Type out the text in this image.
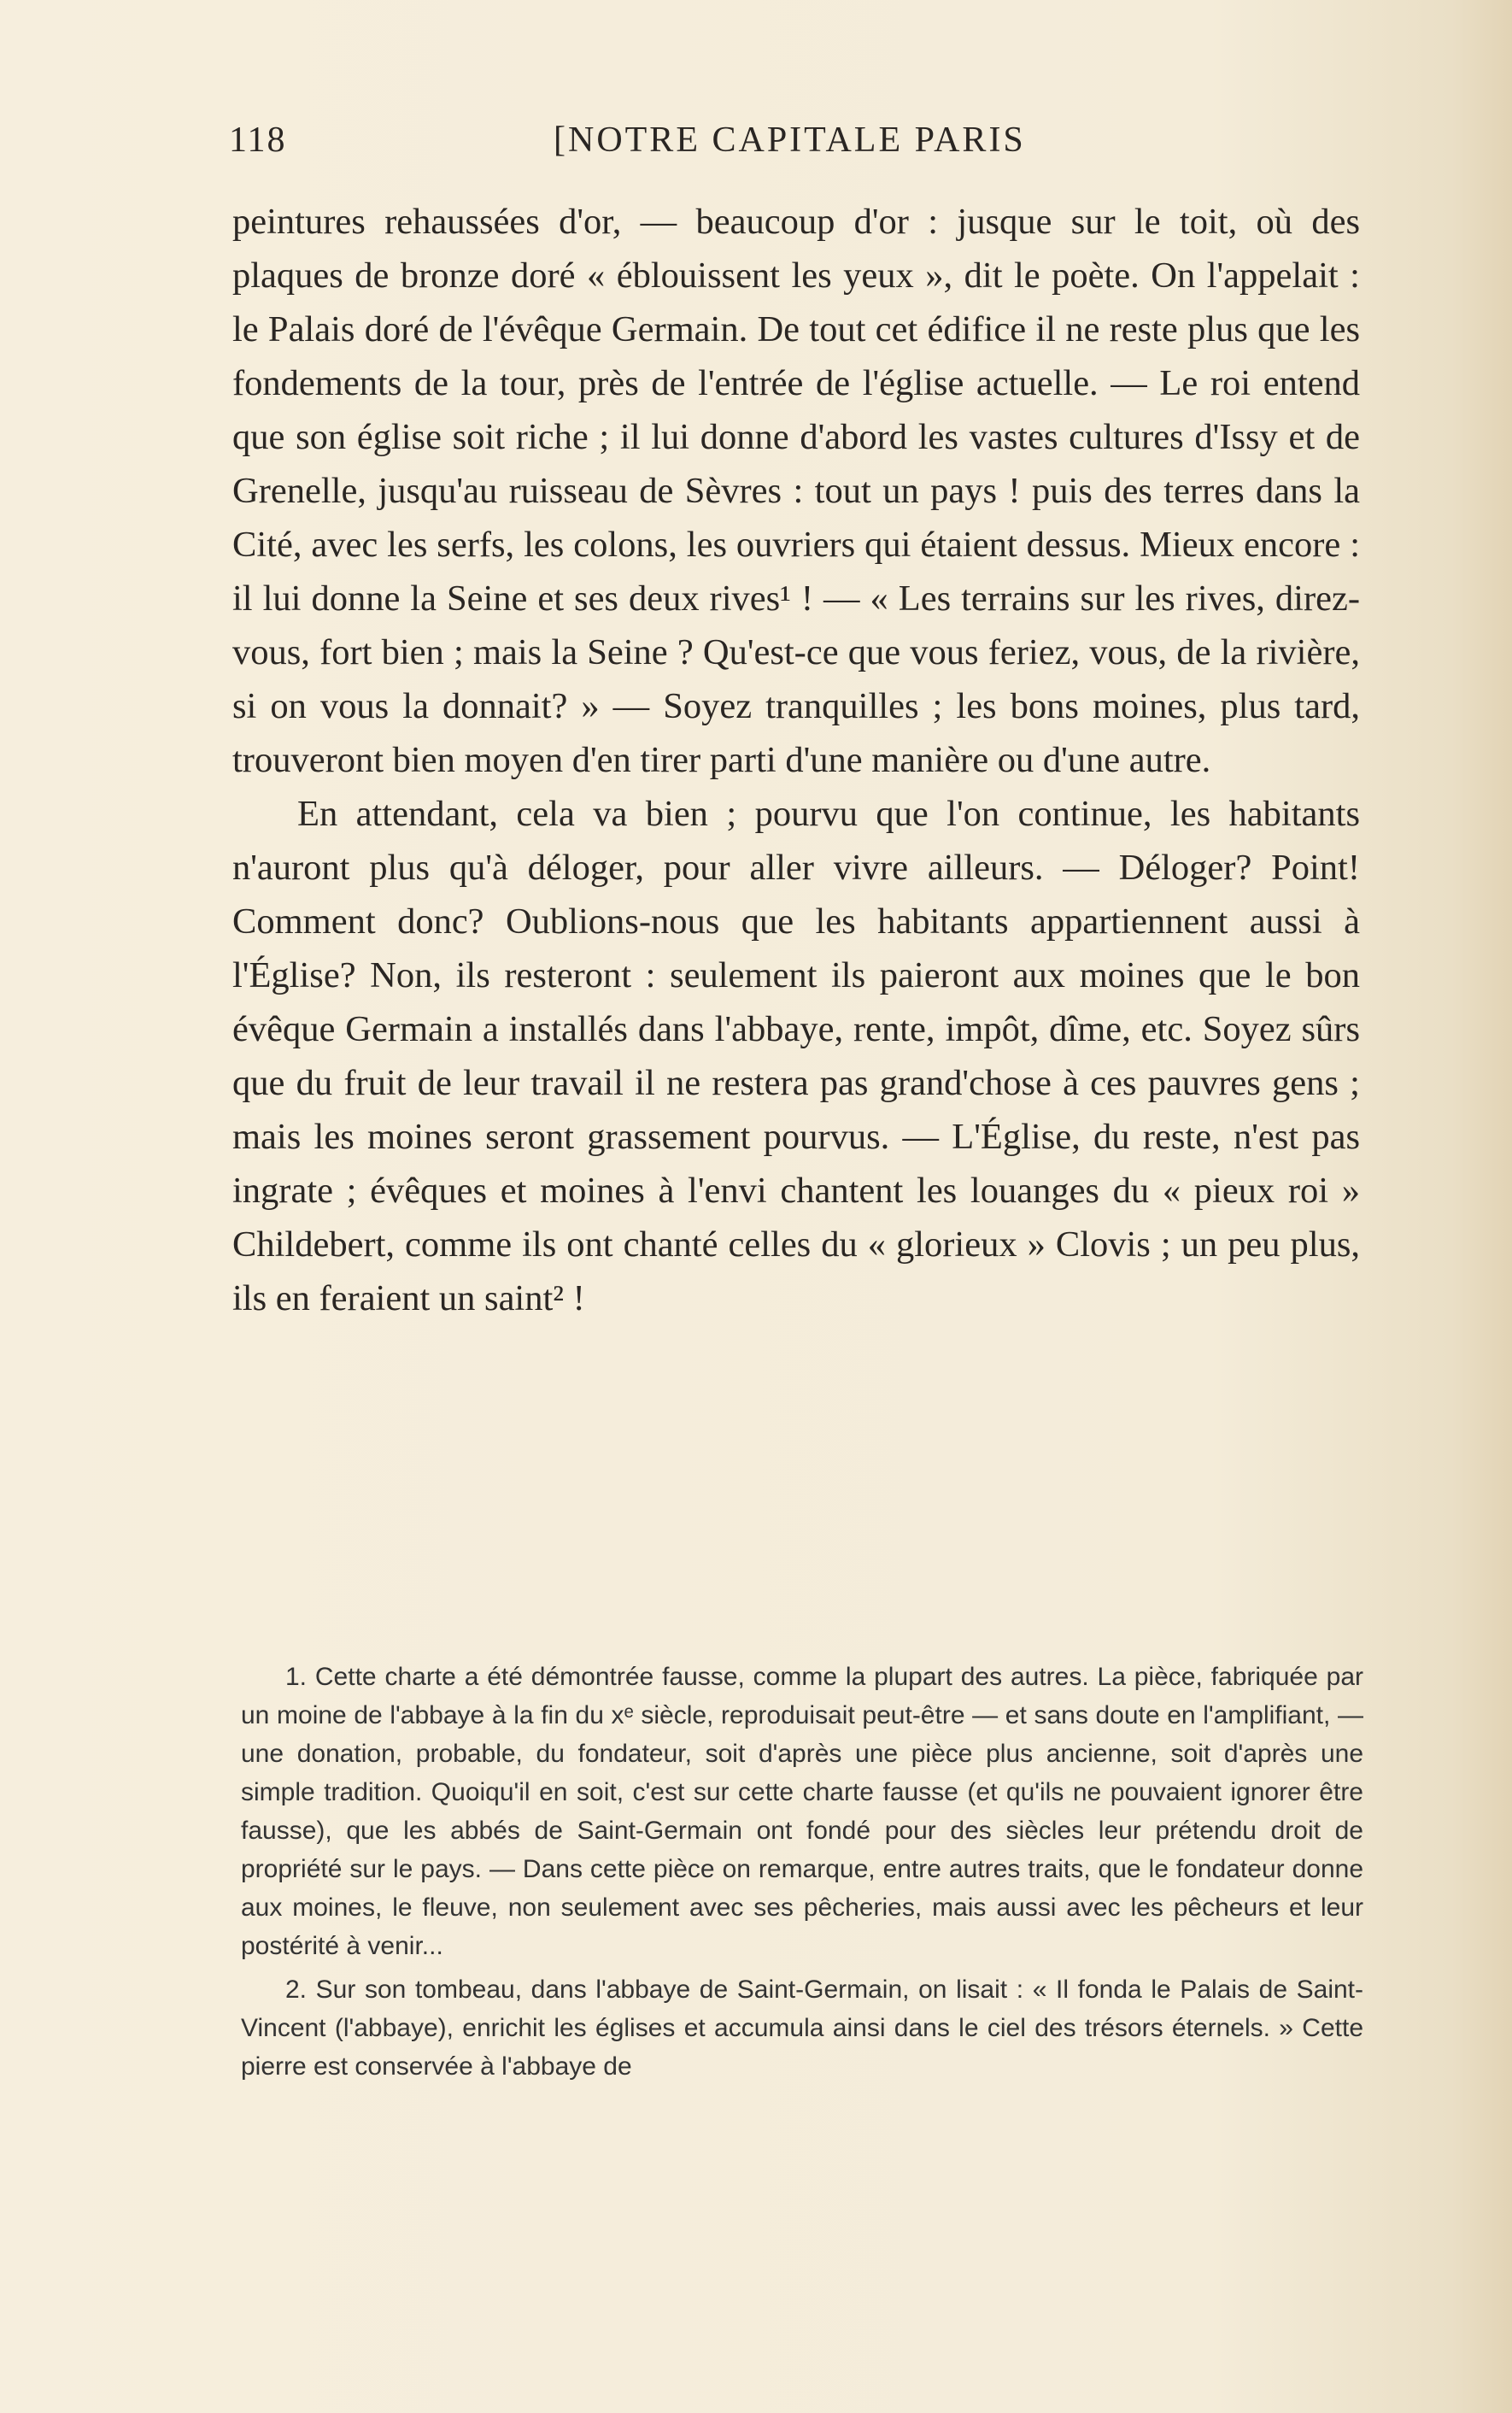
118	[NOTRE CAPITALE PARIS

peintures rehaussées d'or, — beaucoup d'or : jusque sur le toit, où des plaques de bronze doré « éblouissent les yeux », dit le poète. On l'appelait : le Palais doré de l'évêque Germain. De tout cet édifice il ne reste plus que les fondements de la tour, près de l'entrée de l'église actuelle. — Le roi entend que son église soit riche ; il lui donne d'abord les vastes cultures d'Issy et de Grenelle, jusqu'au ruisseau de Sèvres : tout un pays ! puis des terres dans la Cité, avec les serfs, les colons, les ouvriers qui étaient dessus. Mieux encore : il lui donne la Seine et ses deux rives¹ ! — « Les terrains sur les rives, direz-vous, fort bien ; mais la Seine ? Qu'est-ce que vous feriez, vous, de la rivière, si on vous la donnait? » — Soyez tranquilles ; les bons moines, plus tard, trouveront bien moyen d'en tirer parti d'une manière ou d'une autre.

En attendant, cela va bien ; pourvu que l'on continue, les habitants n'auront plus qu'à déloger, pour aller vivre ailleurs. — Déloger? Point! Comment donc? Oublions-nous que les habitants appartiennent aussi à l'Église? Non, ils resteront : seulement ils paieront aux moines que le bon évêque Germain a installés dans l'abbaye, rente, impôt, dîme, etc. Soyez sûrs que du fruit de leur travail il ne restera pas grand'chose à ces pauvres gens ; mais les moines seront grassement pourvus. — L'Église, du reste, n'est pas ingrate ; évêques et moines à l'envi chantent les louanges du « pieux roi » Childebert, comme ils ont chanté celles du « glorieux » Clovis ; un peu plus, ils en feraient un saint² !

1. Cette charte a été démontrée fausse, comme la plupart des autres. La pièce, fabriquée par un moine de l'abbaye à la fin du xᵉ siècle, reproduisait peut-être — et sans doute en l'amplifiant, — une donation, probable, du fondateur, soit d'après une pièce plus ancienne, soit d'après une simple tradition. Quoiqu'il en soit, c'est sur cette charte fausse (et qu'ils ne pouvaient ignorer être fausse), que les abbés de Saint-Germain ont fondé pour des siècles leur prétendu droit de propriété sur le pays. — Dans cette pièce on remarque, entre autres traits, que le fondateur donne aux moines, le fleuve, non seulement avec ses pêcheries, mais aussi avec les pêcheurs et leur postérité à venir...

2. Sur son tombeau, dans l'abbaye de Saint-Germain, on lisait : « Il fonda le Palais de Saint-Vincent (l'abbaye), enrichit les églises et accumula ainsi dans le ciel des trésors éternels. » Cette pierre est conservée à l'abbaye de
